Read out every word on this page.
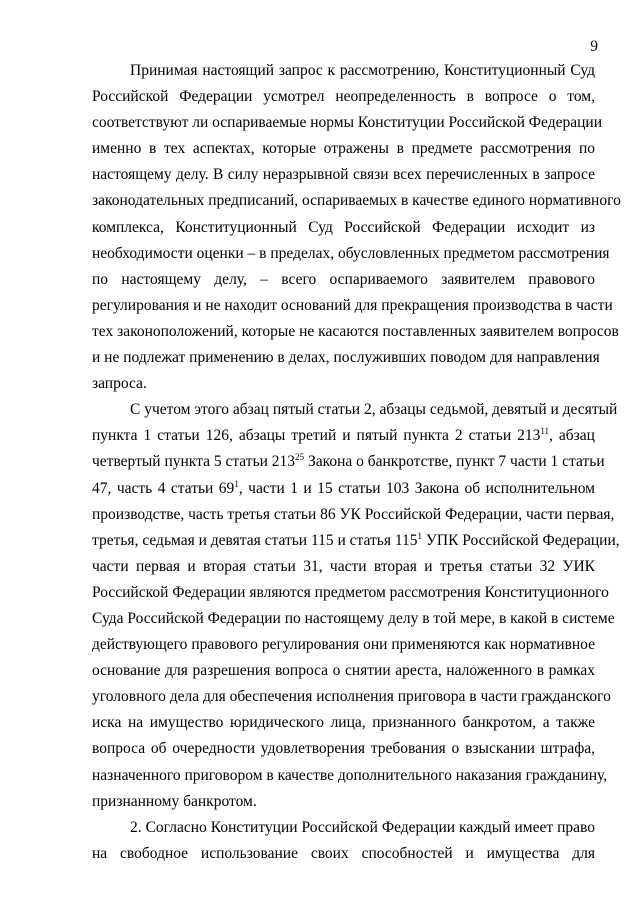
9
Принимая настоящий запрос к рассмотрению, Конституционный Суд
Российской Федерации усмотрел неопределенность в вопросе о том,
соответствуют ли оспариваемые нормы Конституции Российской Федерации
именно в тех аспектах, которые отражены в предмете рассмотрения по
настоящему делу. В силу неразрывной связи всех перечисленных в запросе
законодательных предписаний, оспариваемых в качестве единого нормативного
комплекса, Конституционный Суд Российской Федерации исходит из
необходимости оценки – в пределах, обусловленных предметом рассмотрения
по настоящему делу, – всего оспариваемого заявителем правового
регулирования и не находит оснований для прекращения производства в части
тех законоположений, которые не касаются поставленных заявителем вопросов
и не подлежат применению в делах, послуживших поводом для направления
запроса.
С учетом этого абзац пятый статьи 2, абзацы седьмой, девятый и десятый
пункта 1 статьи 126, абзацы третий и пятый пункта 2 статьи $213^{11}$, абзац
четвертый пункта 5 статьи $213^{25}$ Закона о банкротстве, пункт 7 части 1 статьи
47, часть 4 статьи $69^1$, части 1 и 15 статьи 103 Закона об исполнительном
производстве, часть третья статьи 86 УК Российской Федерации, части первая,
третья, седьмая и девятая статьи 115 и статья $115^1$ УПК Российской Федерации,
части первая и вторая статьи 31, части вторая и третья статьи 32 УИК
Российской Федерации являются предметом рассмотрения Конституционного
Суда Российской Федерации по настоящему делу в той мере, в какой в системе
действующего правового регулирования они применяются как нормативное
основание для разрешения вопроса о снятии ареста, наложенного в рамках
уголовного дела для обеспечения исполнения приговора в части гражданского
иска на имущество юридического лица, признанного банкротом, а также
вопроса об очередности удовлетворения требования о взыскании штрафа,
назначенного приговором в качестве дополнительного наказания гражданину,
признанному банкротом.
2. Согласно Конституции Российской Федерации каждый имеет право
на свободное использование своих способностей и имущества для
